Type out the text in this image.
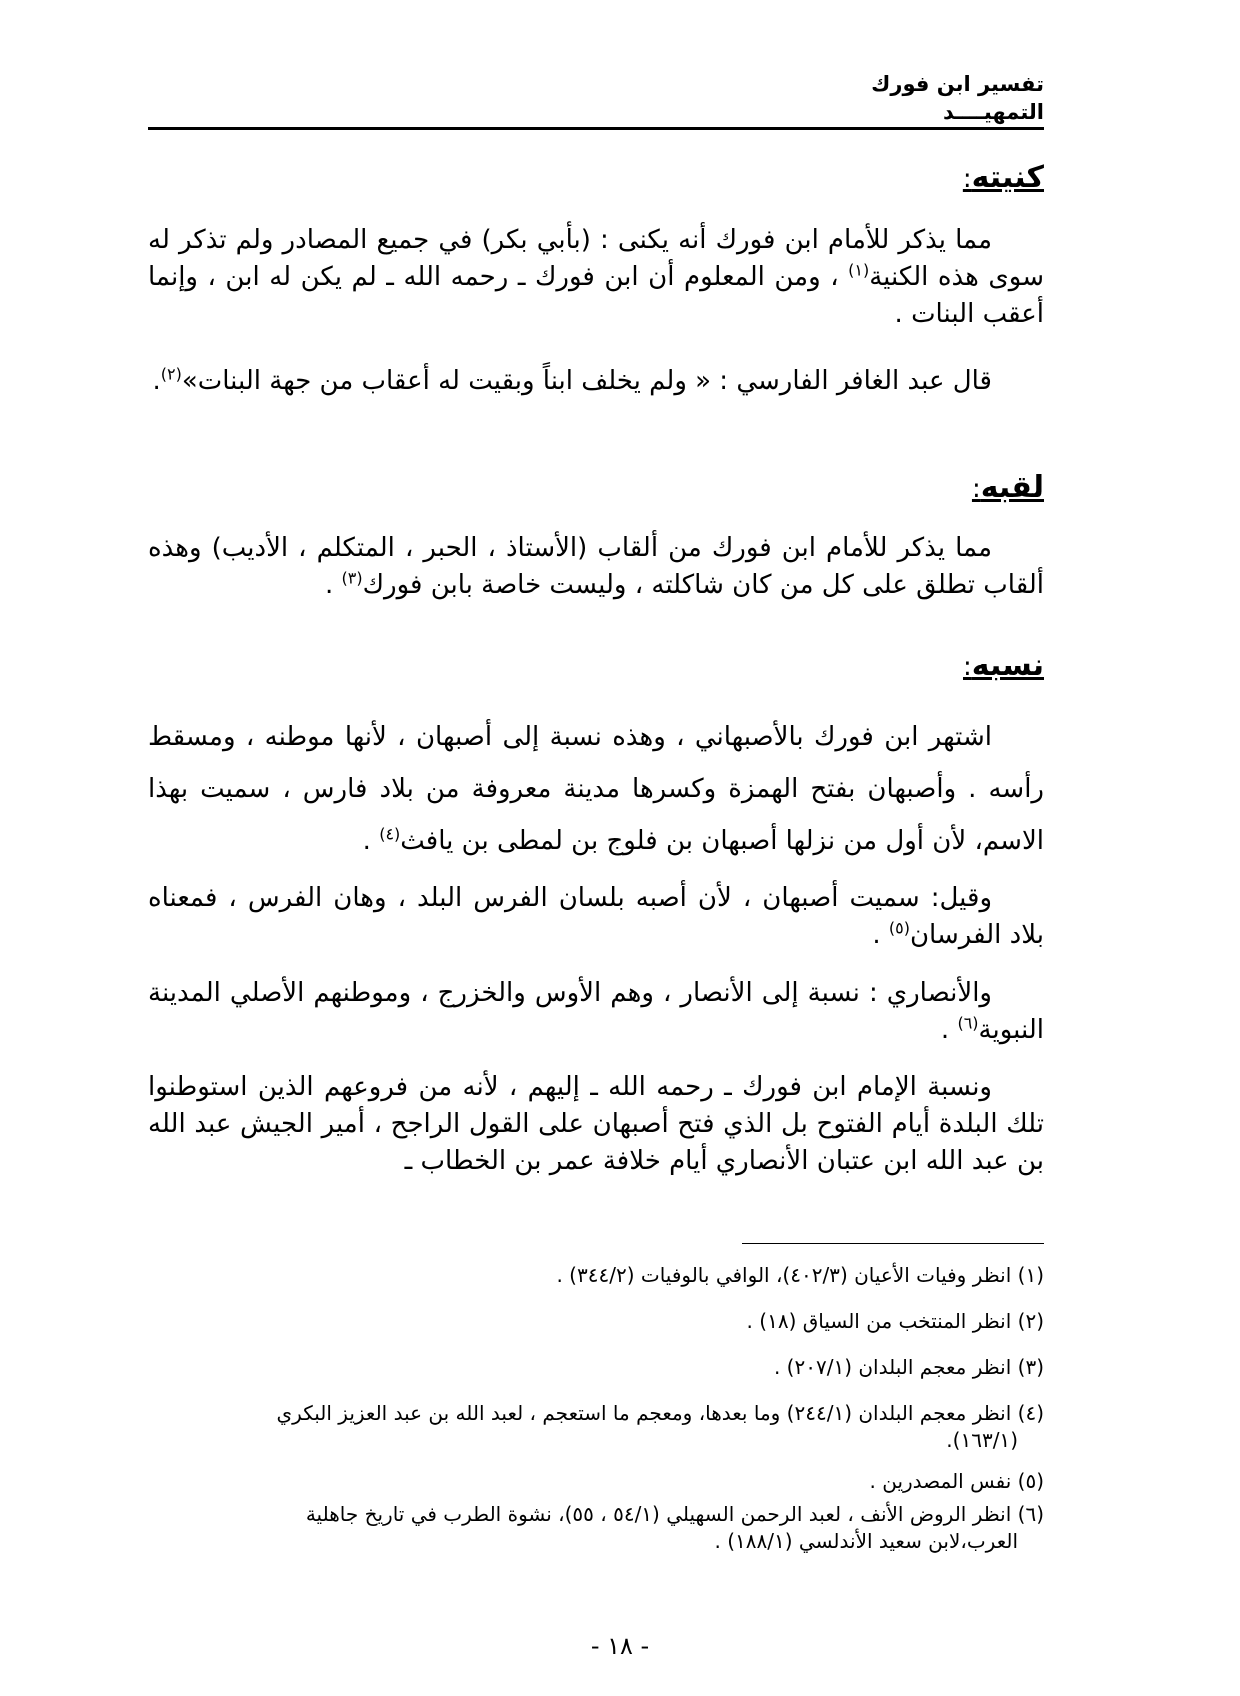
تفسير ابن فورك
التمهيــــد
كنيته:
مما يذكر للأمام ابن فورك أنه يكنى : (بأبي بكر) في جميع المصادر ولم تذكر له سوى هذه الكنية$^{(١)}$ ، ومن المعلوم أن ابن فورك ـ رحمه الله ـ لم يكن له ابن ، وإنما أعقب البنات .
قال عبد الغافر الفارسي : « ولم يخلف ابناً وبقيت له أعقاب من جهة البنات»$^{(٢)}$.
لقبه:
مما يذكر للأمام ابن فورك من ألقاب (الأستاذ ، الحبر ، المتكلم ، الأديب) وهذه ألقاب تطلق على كل من كان شاكلته ، وليست خاصة بابن فورك$^{(٣)}$ .
نسبه:
اشتهر ابن فورك بالأصبهاني ، وهذه نسبة إلى أصبهان ، لأنها موطنه ، ومسقط رأسه . وأصبهان بفتح الهمزة وكسرها مدينة معروفة من بلاد فارس ، سميت بهذا الاسم، لأن أول من نزلها أصبهان بن فلوج بن لمطى بن يافث$^{(٤)}$ .
وقيل: سميت أصبهان ، لأن أصبه بلسان الفرس البلد ، وهان الفرس ، فمعناه بلاد الفرسان$^{(٥)}$ .
والأنصاري : نسبة إلى الأنصار ، وهم الأوس والخزرج ، وموطنهم الأصلي المدينة النبوية$^{(٦)}$ .
ونسبة الإمام ابن فورك ـ رحمه الله ـ إليهم ، لأنه من فروعهم الذين استوطنوا تلك البلدة أيام الفتوح بل الذي فتح أصبهان على القول الراجح ، أمير الجيش عبد الله بن عبد الله ابن عتبان الأنصاري أيام خلافة عمر بن الخطاب ـ
(١) انظر وفيات الأعيان (٤٠٢/٣)، الوافي بالوفيات (٣٤٤/٢) .
(٢) انظر المنتخب من السياق (١٨) .
(٣) انظر معجم البلدان (٢٠٧/١) .
(٤) انظر معجم البلدان (٢٤٤/١) وما بعدها، ومعجم ما استعجم ، لعبد الله بن عبد العزيز البكري
(١٦٣/١).
(٥) نفس المصدرين .
(٦) انظر الروض الأنف ، لعبد الرحمن السهيلي (٥٤/١ ، ٥٥)، نشوة الطرب في تاريخ جاهلية
العرب،لابن سعيد الأندلسي (١٨٨/١) .
- ١٨ -
